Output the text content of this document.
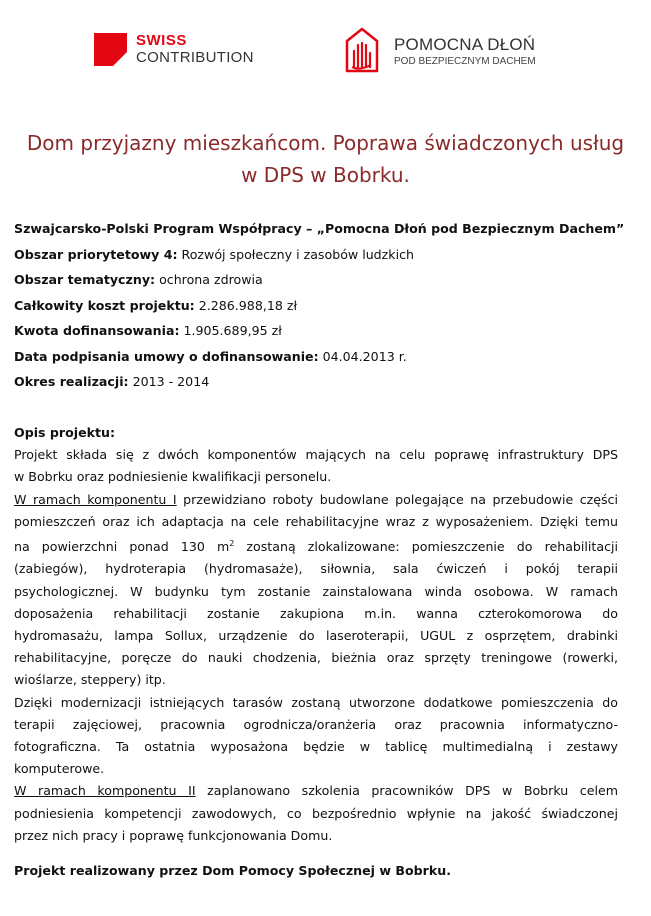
SWISS
CONTRIBUTION
POMOCNA DŁOŃ
POD BEZPIECZNYM DACHEM
Dom przyjazny mieszkańcom. Poprawa świadczonych usług
w DPS w Bobrku.
Szwajcarsko-Polski Program Współpracy – „Pomocna Dłoń pod Bezpiecznym Dachem”
Obszar priorytetowy 4: Rozwój społeczny i zasobów ludzkich
Obszar tematyczny: ochrona zdrowia
Całkowity koszt projektu: 2.286.988,18 zł
Kwota dofinansowania: 1.905.689,95 zł
Data podpisania umowy o dofinansowanie: 04.04.2013 r.
Okres realizacji: 2013 - 2014
Opis projektu:
Projekt składa się z dwóch komponentów mających na celu poprawę infrastruktury DPS
w Bobrku oraz podniesienie kwalifikacji personelu.
W ramach komponentu I przewidziano roboty budowlane polegające na przebudowie części
pomieszczeń oraz ich adaptacja na cele rehabilitacyjne wraz z wyposażeniem. Dzięki temu
na powierzchni ponad 130 $m^2$ zostaną zlokalizowane: pomieszczenie do rehabilitacji
(zabiegów), hydroterapia (hydromasaże), siłownia, sala ćwiczeń i pokój terapii
psychologicznej. W budynku tym zostanie zainstalowana winda osobowa. W ramach
doposażenia rehabilitacji zostanie zakupiona m.in. wanna czterokomorowa do
hydromasażu, lampa Sollux, urządzenie do laseroterapii, UGUL z osprzętem, drabinki
rehabilitacyjne, poręcze do nauki chodzenia, bieżnia oraz sprzęty treningowe (rowerki,
wioślarze, steppery) itp.
Dzięki modernizacji istniejących tarasów zostaną utworzone dodatkowe pomieszczenia do
terapii zajęciowej, pracownia ogrodnicza/oranżeria oraz pracownia informatyczno-
fotograficzna. Ta ostatnia wyposażona będzie w tablicę multimedialną i zestawy
komputerowe.
W ramach komponentu II zaplanowano szkolenia pracowników DPS w Bobrku celem
podniesienia kompetencji zawodowych, co bezpośrednio wpłynie na jakość świadczonej
przez nich pracy i poprawę funkcjonowania Domu.
Projekt realizowany przez Dom Pomocy Społecznej w Bobrku.
